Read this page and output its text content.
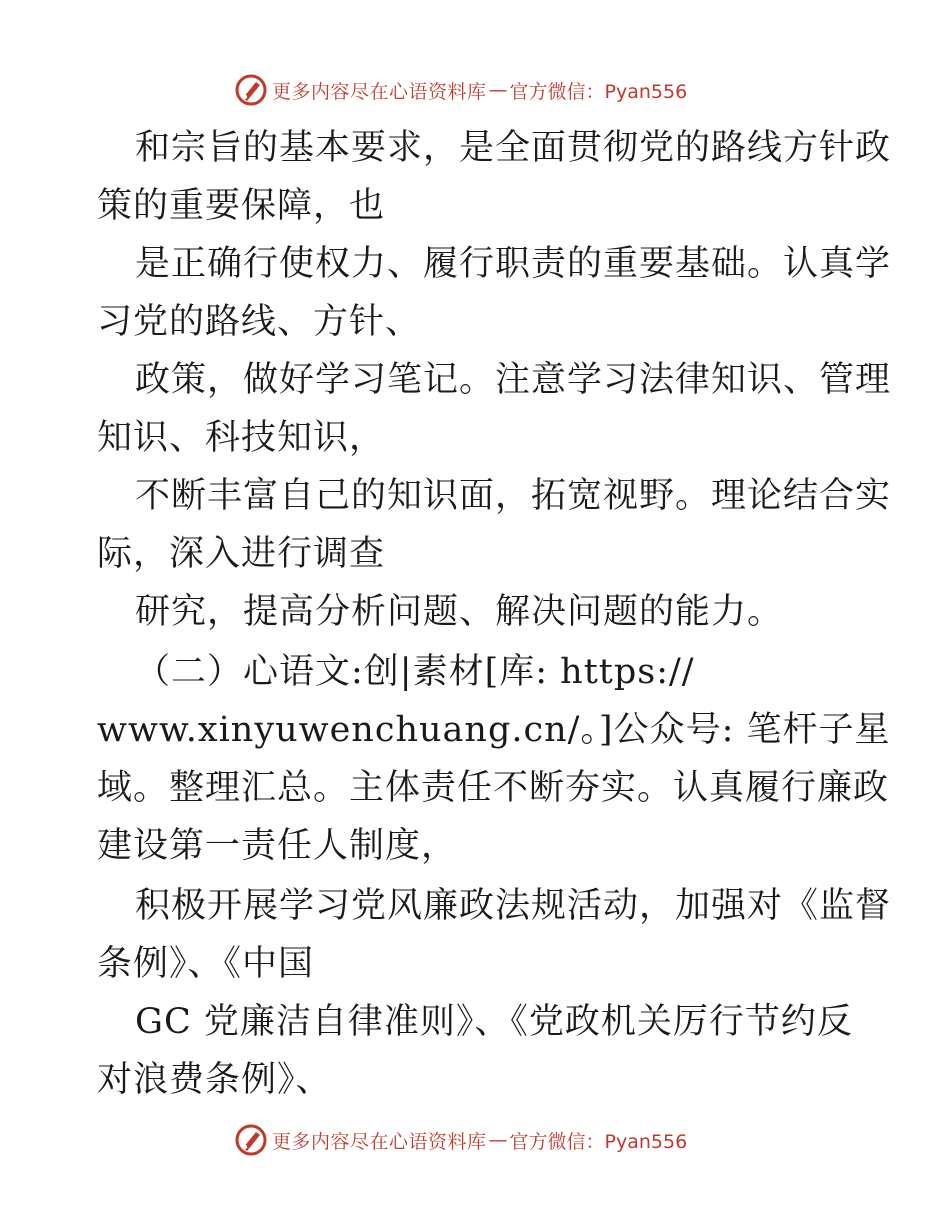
更多内容尽在心语资料库 — 官方微信：Pyan556
和宗旨的基本要求，是全面贯彻党的路线方针政
策的重要保障，也
是正确行使权力、履行职责的重要基础。认真学
习党的路线、方针、
政策，做好学习笔记。注意学习法律知识、管理
知识、科技知识，
不断丰富自己的知识面，拓宽视野。理论结合实
际，深入进行调查
研究，提高分析问题、解决问题的能力。
（二）心语文:创|素材[库: https://
www.xinyuwenchuang.cn/。]公众号: 笔杆子星
域。整理汇总。主体责任不断夯实。认真履行廉政
建设第一责任人制度，
积极开展学习党风廉政法规活动，加强对《监督
条例》、《中国
GC 党廉洁自律准则》、《党政机关厉行节约反
对浪费条例》、
更多内容尽在心语资料库 — 官方微信：Pyan556
